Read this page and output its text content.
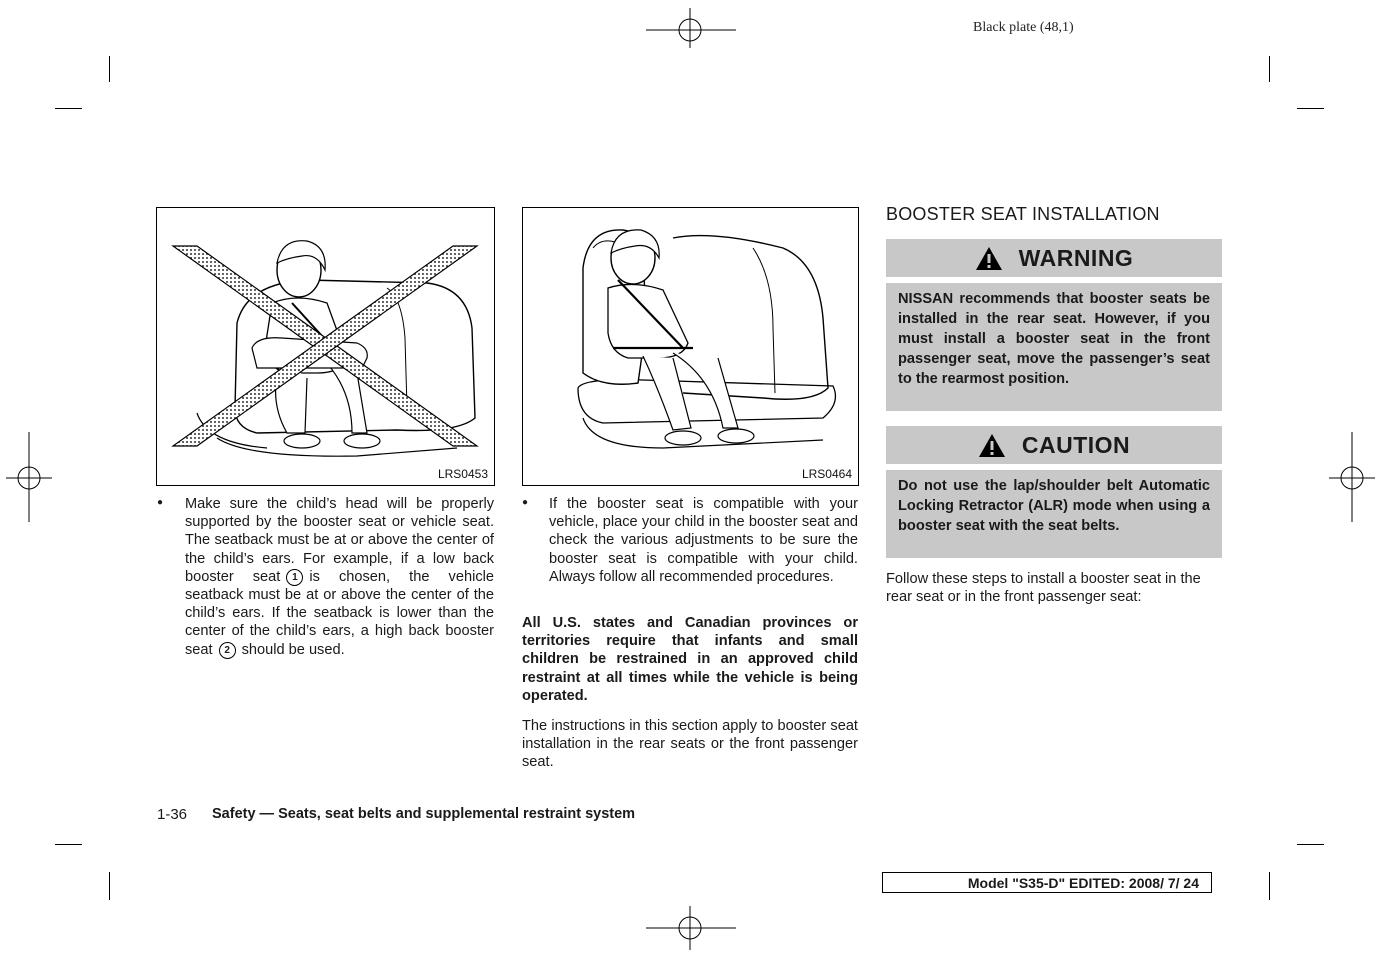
Black plate (48,1)
LRS0453	LRS0464
● Make sure the child’s head will be properly supported by the booster seat or vehicle seat. The seatback must be at or above the center of the child’s ears. For example, if a low back booster seat 1 is chosen, the vehicle seatback must be at or above the center of the child’s ears. If the seatback is lower than the center of the child’s ears, a high back booster seat 2 should be used.
● If the booster seat is compatible with your vehicle, place your child in the booster seat and check the various adjustments to be sure the booster seat is compatible with your child. Always follow all recommended procedures.
All U.S. states and Canadian provinces or territories require that infants and small children be restrained in an approved child restraint at all times while the vehicle is being operated.
The instructions in this section apply to booster seat installation in the rear seats or the front passenger seat.
BOOSTER SEAT INSTALLATION
WARNING
NISSAN recommends that booster seats be installed in the rear seat. However, if you must install a booster seat in the front passenger seat, move the passenger’s seat to the rearmost position.
CAUTION
Do not use the lap/shoulder belt Automatic Locking Retractor (ALR) mode when using a booster seat with the seat belts.
Follow these steps to install a booster seat in the rear seat or in the front passenger seat:
1-36 Safety — Seats, seat belts and supplemental restraint system
Model "S35-D" EDITED: 2008/ 7/ 24
